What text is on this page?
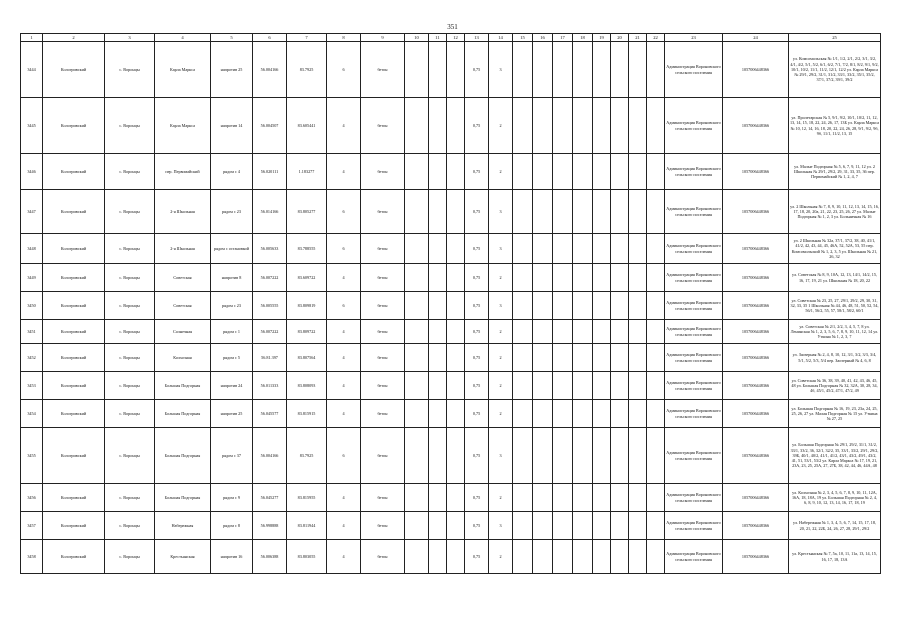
351
1	2	3	4	5	6	7	8	9	10	11	12	13	14	15	16	17	18	19	20	21	22	23	24	25
3444	Кологривский	с. Воронцы	Карла Маркса	напротив 25	56.004166	83.7925	6	бетон				0,75	3									Администрация Вороновского сельского поселения	1057006448366	ул. Комсомольская № 1/1, 1/2, 2/1, 2/2, 3/1, 3/2, 4/1, 4/2, 5/1, 5/2, 6/1, 6/2, 7/1, 7/2, 8/1, 8/2, 9/1, 9/2, 10/1, 10/2, 11/1, 11/2, 12/1, 12/2 ул. Карла Маркса № 29/1, 29/2, 31/1, 31/2, 33/1, 33/2, 35/1, 35/2, 37/1, 37/2, 39/1, 39/2
3445	Кологривский	с. Воронцы	Карла Маркса	напротив 14	56.004507	83.605441	4	бетон				0,75	2									Администрация Вороновского сельского поселения	1057006448366	ул. Пролетарская № 5, 9/1, 9/2, 10/1, 10/2, 11, 12, 13, 14, 15, 18, 22, 24, 26, 17, 13Б ул. Карла Маркса № 10, 12, 14, 16, 18, 20, 22, 24, 26, 28, 9/1, 9/2, 9б, 9б, 11/1, 11/2, 13, 15
3446	Кологривский	с. Воронцы	пер. Первомайский	рядом с 4	56.020111	1.183277	4	бетон				0,75	2									Администрация Вороновского сельского поселения	1057006448366	ул. Малые Подгорная № 5, 6, 7, 9, 11, 12 ул. 2 Школьная № 29/1, 29/2, 29, 31, 33, 35, 36 пер. Первомайский № 1, 2, 4, 7
3447	Кологривский	с. Воронцы	2-я Школьная	рядом с 23	56.014166	83.805277	6	бетон				0,75	3									Администрация Вороновского сельского поселения	1057006448366	ул. 2 Школьная № 7, 8, 9, 10, 11, 12, 13, 14, 15, 16, 17, 18, 20, 20а, 21, 22, 23, 25, 26, 27 ул. Малые Подгорная № 1, 2, 3 ул. Больничная № 16
3448	Кологривский	с. Воронцы	2-я Школьная	рядом с остановкой	56.005633	83.788555	6	бетон				0,75	3									Администрация Вороновского сельского поселения	1057006448366	ул. 2 Школьная № 32а, 37/1, 37/2, 38, 40, 41/1, 41/2, 42, 43, 44, 45, 46А, 52, 52А, 53, 55 пер. Комсомольский № 1, 2, 3, 5 ул. Школьная № 21, 26, 32
3449	Кологривский	с. Воронцы	Советская	напротив 8	56.007222	83.609722	4	бетон				0,75	2									Администрация Вороновского сельского поселения	1057006448366	ул. Советская № 8, 9, 10А, 12, 13, 14/1, 14/2, 15, 16, 17, 19, 21 ул. Школьная № 18, 20, 22
3450	Кологривский	с. Воронцы	Советская	рядом с 23	56.005555	83.809819	6	бетон				0,75	3									Администрация Вороновского сельского поселения	1057006448366	ул. Советская № 23, 25, 27, 29/1, 29/2, 29, 30, 31, 32, 33, 35 1 Школьная № 44, 46, 48, 51, 50, 52, 54, 56/1, 56/2, 55, 57, 58/1, 58/2, 60/1
3451	Кологривский	с. Воронцы	Солнечная	рядом с 1	56.007222	83.809722	4	бетон				0,75	2									Администрация Вороновского сельского поселения	1057006448366	ул. Советская № 2/1, 2/2, 3, 4, 5, 7, 8 ул. Ленинская № 1, 2, 3, 5, 6, 7, 8, 9, 10, 11, 12, 14 ул. Уткина № 1, 2, 3, 7
3452	Кологривский	с. Воронцы	Колхозная	рядом с 5	56.81.397	83.807564	4	бетон				0,75	2									Администрация Вороновского сельского поселения	1057006448366	ул. Заозерная № 2, 4, 8, 10, 12, 3/1, 3/2, 3/3, 3/4, 5/1, 5/2, 5/3, 5/4 пер. Заозерный № 4, 6, 8
3453	Кологривский	с. Воронцы	Большая Подгорная	напротив 24	56.011333	83.808093	4	бетон				0,75	2									Администрация Вороновского сельского поселения	1057006448366	ул. Советская № 36, 38, 39, 40, 41, 42, 43, 46, 45, 48 ул. Большая Подгорная № 32, 32А, 30, 28, 34, 4б, 45/1, 45/2, 47/1, 47/2, 49
3454	Кологривский	с. Воронцы	Большая Подгорная	напротив 25	56.045577	83.815915	4	бетон				0,75	2									Администрация Вороновского сельского поселения	1057006448366	ул. Большая Подгорная № 16, 19, 23, 23а, 24, 25, 25, 26, 27 ул. Малая Подгорная № 15 ул. Уткина № 27, 25
3455	Кологривский	с. Воронцы	Большая Подгорная	рядом с 37	56.004166	83.7925	6	бетон				0,75	3									Администрация Вороновского сельского поселения	1057006448366	ул. Большая Подгорная № 29/1, 29/2, 31/1, 31/2, 33/1, 33/2, 36, 32/1, 32/2, 35, 33/1, 33/2, 29/1, 29/2, 39Б, 40/1, 40/2, 41/1, 41/2, 43/1, 43/2, 49/1, 43/2, 41, 51, 53/1, 53/2 ул. Карла Маркса № 17, 19, 21, 23А, 23, 25, 25А, 27, 27Б, 38, 42, 44, 46, 44А, 48
3456	Кологривский	с. Воронцы	Большая Подгорная	рядом с 9	56.045277	83.815955	4	бетон				0,75	2									Администрация Вороновского сельского поселения	1057006448366	ул. Колхозная № 2, 3, 4, 5, 6, 7, 8, 9, 10, 11, 12А, 16А, 18, 18А, 19 ул. Большая Подгорная № 2, 4, 6, 8, 9, 10, 12, 13, 14, 16, 17, 18, 19
3457	Кологривский	с. Воронцы	Набережная	рядом с 8	56.998888	83.811944	4	бетон				0,75	3									Администрация Вороновского сельского поселения	1057006448366	ул. Набережная № 1, 3, 4, 5, 6, 7, 14, 15, 17, 18, 20, 21, 22, 22Б, 24, 26, 27, 28, 29/1, 29/2
3458	Кологривский	с. Воронцы	Крестьянская	напротив 16	56.006388	83.803055	4	бетон				0,75	2									Администрация Вороновского сельского поселения	1057006448366	ул. Крестьянская № 7, 5а, 10, 11, 11а, 13, 14, 15, 16, 17, 18, 13А
